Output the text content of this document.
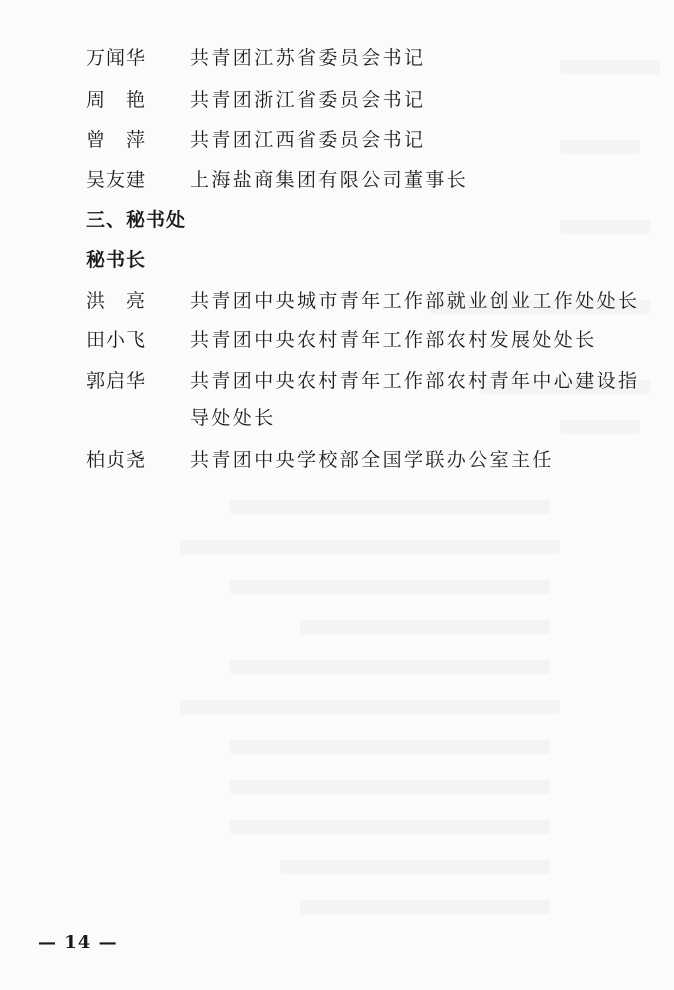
万闻华	共青团江苏省委员会书记
周　艳	共青团浙江省委员会书记
曾　萍	共青团江西省委员会书记
吴友建	上海盐商集团有限公司董事长
三、秘书处
秘书长
洪　亮	共青团中央城市青年工作部就业创业工作处处长
田小飞	共青团中央农村青年工作部农村发展处处长
郭启华	共青团中央农村青年工作部农村青年中心建设指
导处处长
柏贞尧	共青团中央学校部全国学联办公室主任
— 14 —
